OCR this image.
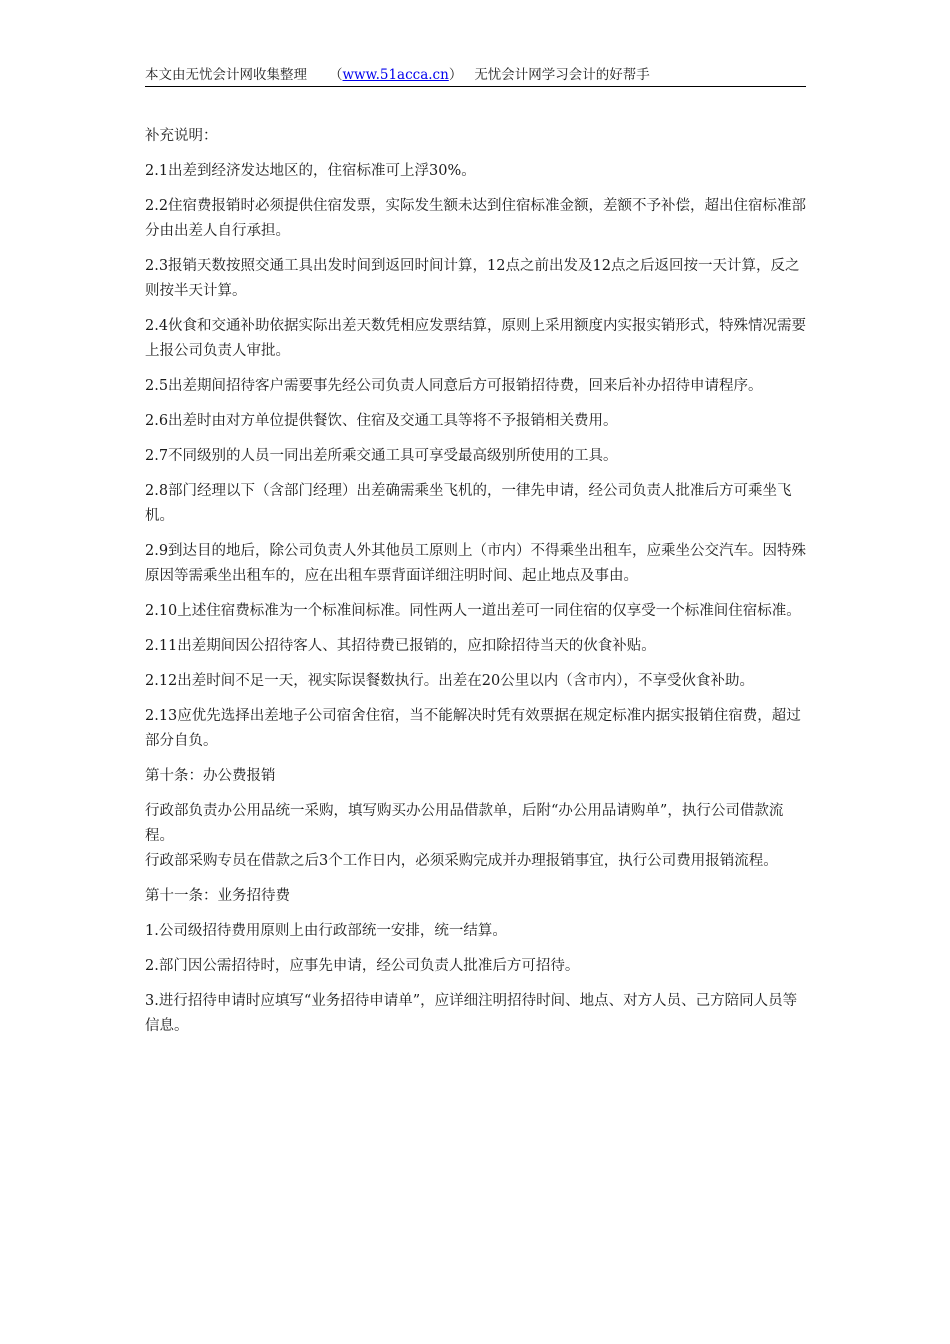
本文由无忧会计网收集整理 （www.51acca.cn） 无忧会计网学习会计的好帮手

补充说明：

2.1出差到经济发达地区的，住宿标准可上浮30%。

2.2住宿费报销时必须提供住宿发票，实际发生额未达到住宿标准金额，差额不予补偿，超出住宿标准部分由出差人自行承担。

2.3报销天数按照交通工具出发时间到返回时间计算，12点之前出发及12点之后返回按一天计算，反之则按半天计算。

2.4伙食和交通补助依据实际出差天数凭相应发票结算，原则上采用额度内实报实销形式，特殊情况需要上报公司负责人审批。

2.5出差期间招待客户需要事先经公司负责人同意后方可报销招待费，回来后补办招待申请程序。

2.6出差时由对方单位提供餐饮、住宿及交通工具等将不予报销相关费用。

2.7不同级别的人员一同出差所乘交通工具可享受最高级别所使用的工具。

2.8部门经理以下（含部门经理）出差确需乘坐飞机的，一律先申请，经公司负责人批准后方可乘坐飞机。

2.9到达目的地后，除公司负责人外其他员工原则上（市内）不得乘坐出租车，应乘坐公交汽车。因特殊原因等需乘坐出租车的，应在出租车票背面详细注明时间、起止地点及事由。

2.10上述住宿费标准为一个标准间标准。同性两人一道出差可一同住宿的仅享受一个标准间住宿标准。

2.11出差期间因公招待客人、其招待费已报销的，应扣除招待当天的伙食补贴。

2.12出差时间不足一天，视实际误餐数执行。出差在20公里以内（含市内），不享受伙食补助。

2.13应优先选择出差地子公司宿舍住宿，当不能解决时凭有效票据在规定标准内据实报销住宿费，超过部分自负。

第十条：办公费报销

行政部负责办公用品统一采购，填写购买办公用品借款单，后附“办公用品请购单”，执行公司借款流程。

行政部采购专员在借款之后3个工作日内，必须采购完成并办理报销事宜，执行公司费用报销流程。

第十一条：业务招待费

1.公司级招待费用原则上由行政部统一安排，统一结算。

2.部门因公需招待时，应事先申请，经公司负责人批准后方可招待。

3.进行招待申请时应填写“业务招待申请单”，应详细注明招待时间、地点、对方人员、己方陪同人员等信息。
